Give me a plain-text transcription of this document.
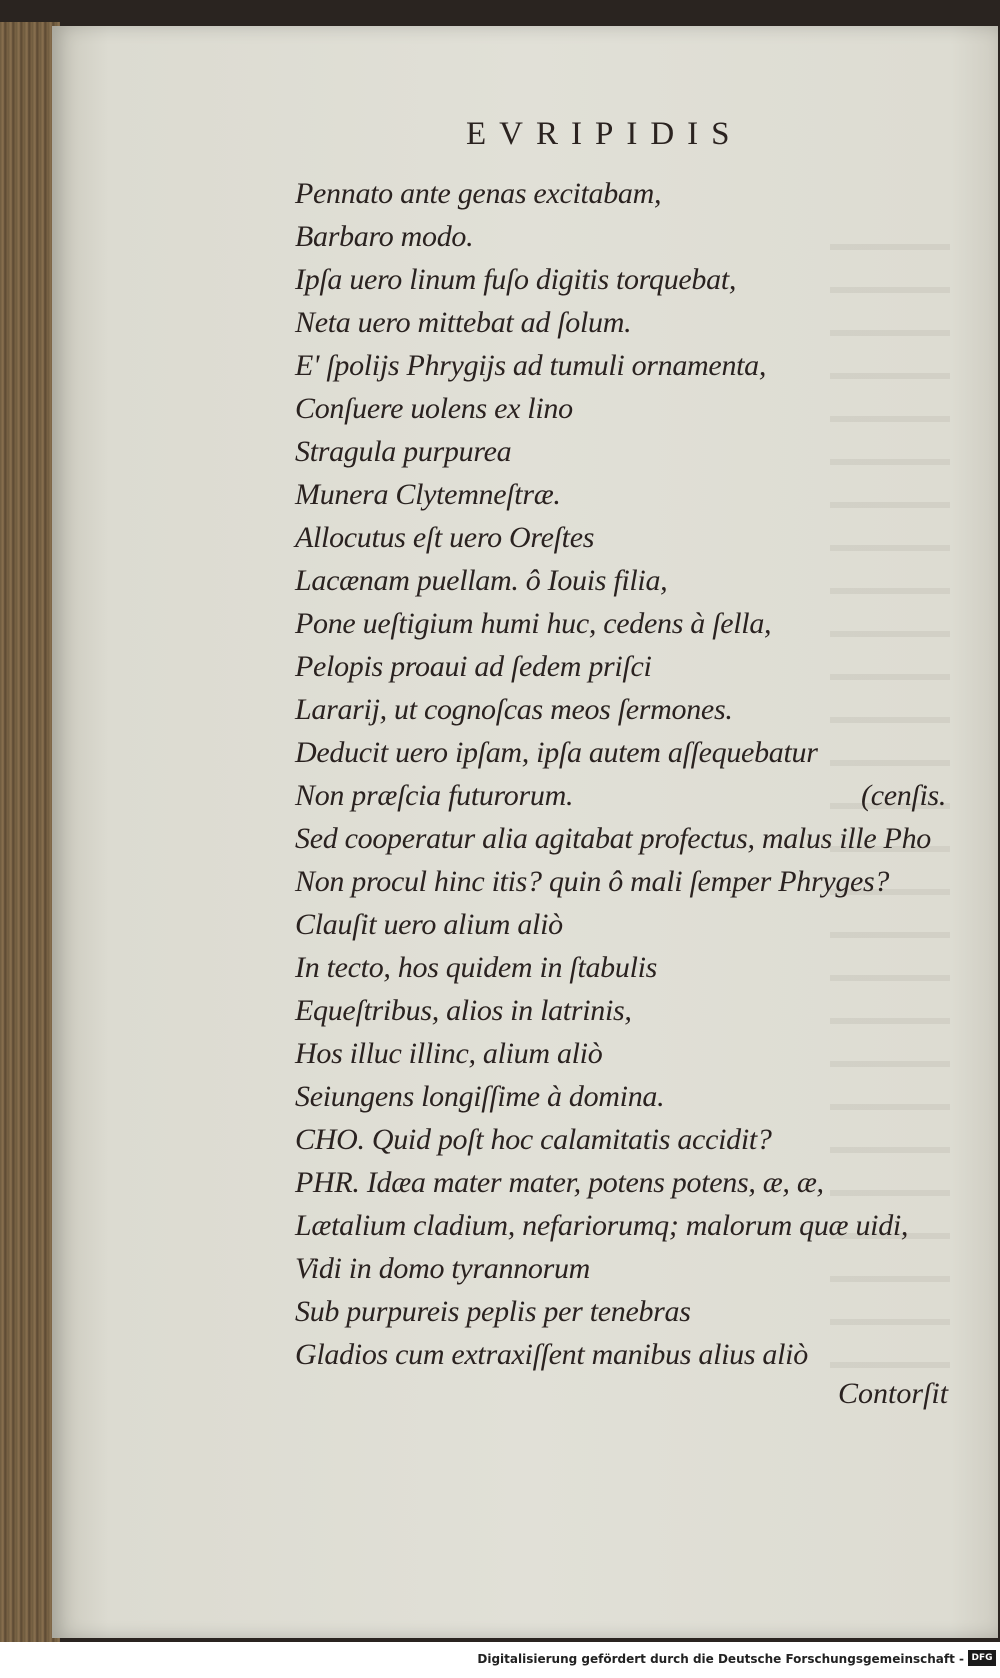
EVRIPIDIS
Pennato ante genas excitabam,
Barbaro modo.
Ipſa uero linum fuſo digitis torquebat,
Neta uero mittebat ad ſolum.
E' ſpolijs Phrygijs ad tumuli ornamenta,
Conſuere uolens ex lino
Stragula purpurea
Munera Clytemneſtræ.
Allocutus eſt uero Oreſtes
Lacænam puellam. ô Iouis filia,
Pone ueſtigium humi huc, cedens à ſella,
Pelopis proaui ad ſedem priſci
Lararij, ut cognoſcas meos ſermones.
Deducit uero ipſam, ipſa autem aſſequebatur
Non præſcia futurorum.	(cenſis.
Sed cooperatur alia agitabat profectus, malus ille Pho
Non procul hinc itis? quin ô mali ſemper Phryges?
Clauſit uero alium aliò
In tecto, hos quidem in ſtabulis
Equeſtribus, alios in latrinis,
Hos illuc illinc, alium aliò
Seiungens longiſſime à domina.
CHO. Quid poſt hoc calamitatis accidit?
PHR. Idæa mater mater, potens potens, æ, æ,
Lætalium cladium, nefariorumq; malorum quæ uidi,
Vidi in domo tyrannorum
Sub purpureis peplis per tenebras
Gladios cum extraxiſſent manibus alius aliò
Contorſit
Digitalisierung gefördert durch die Deutsche Forschungsgemeinschaft - DFG
